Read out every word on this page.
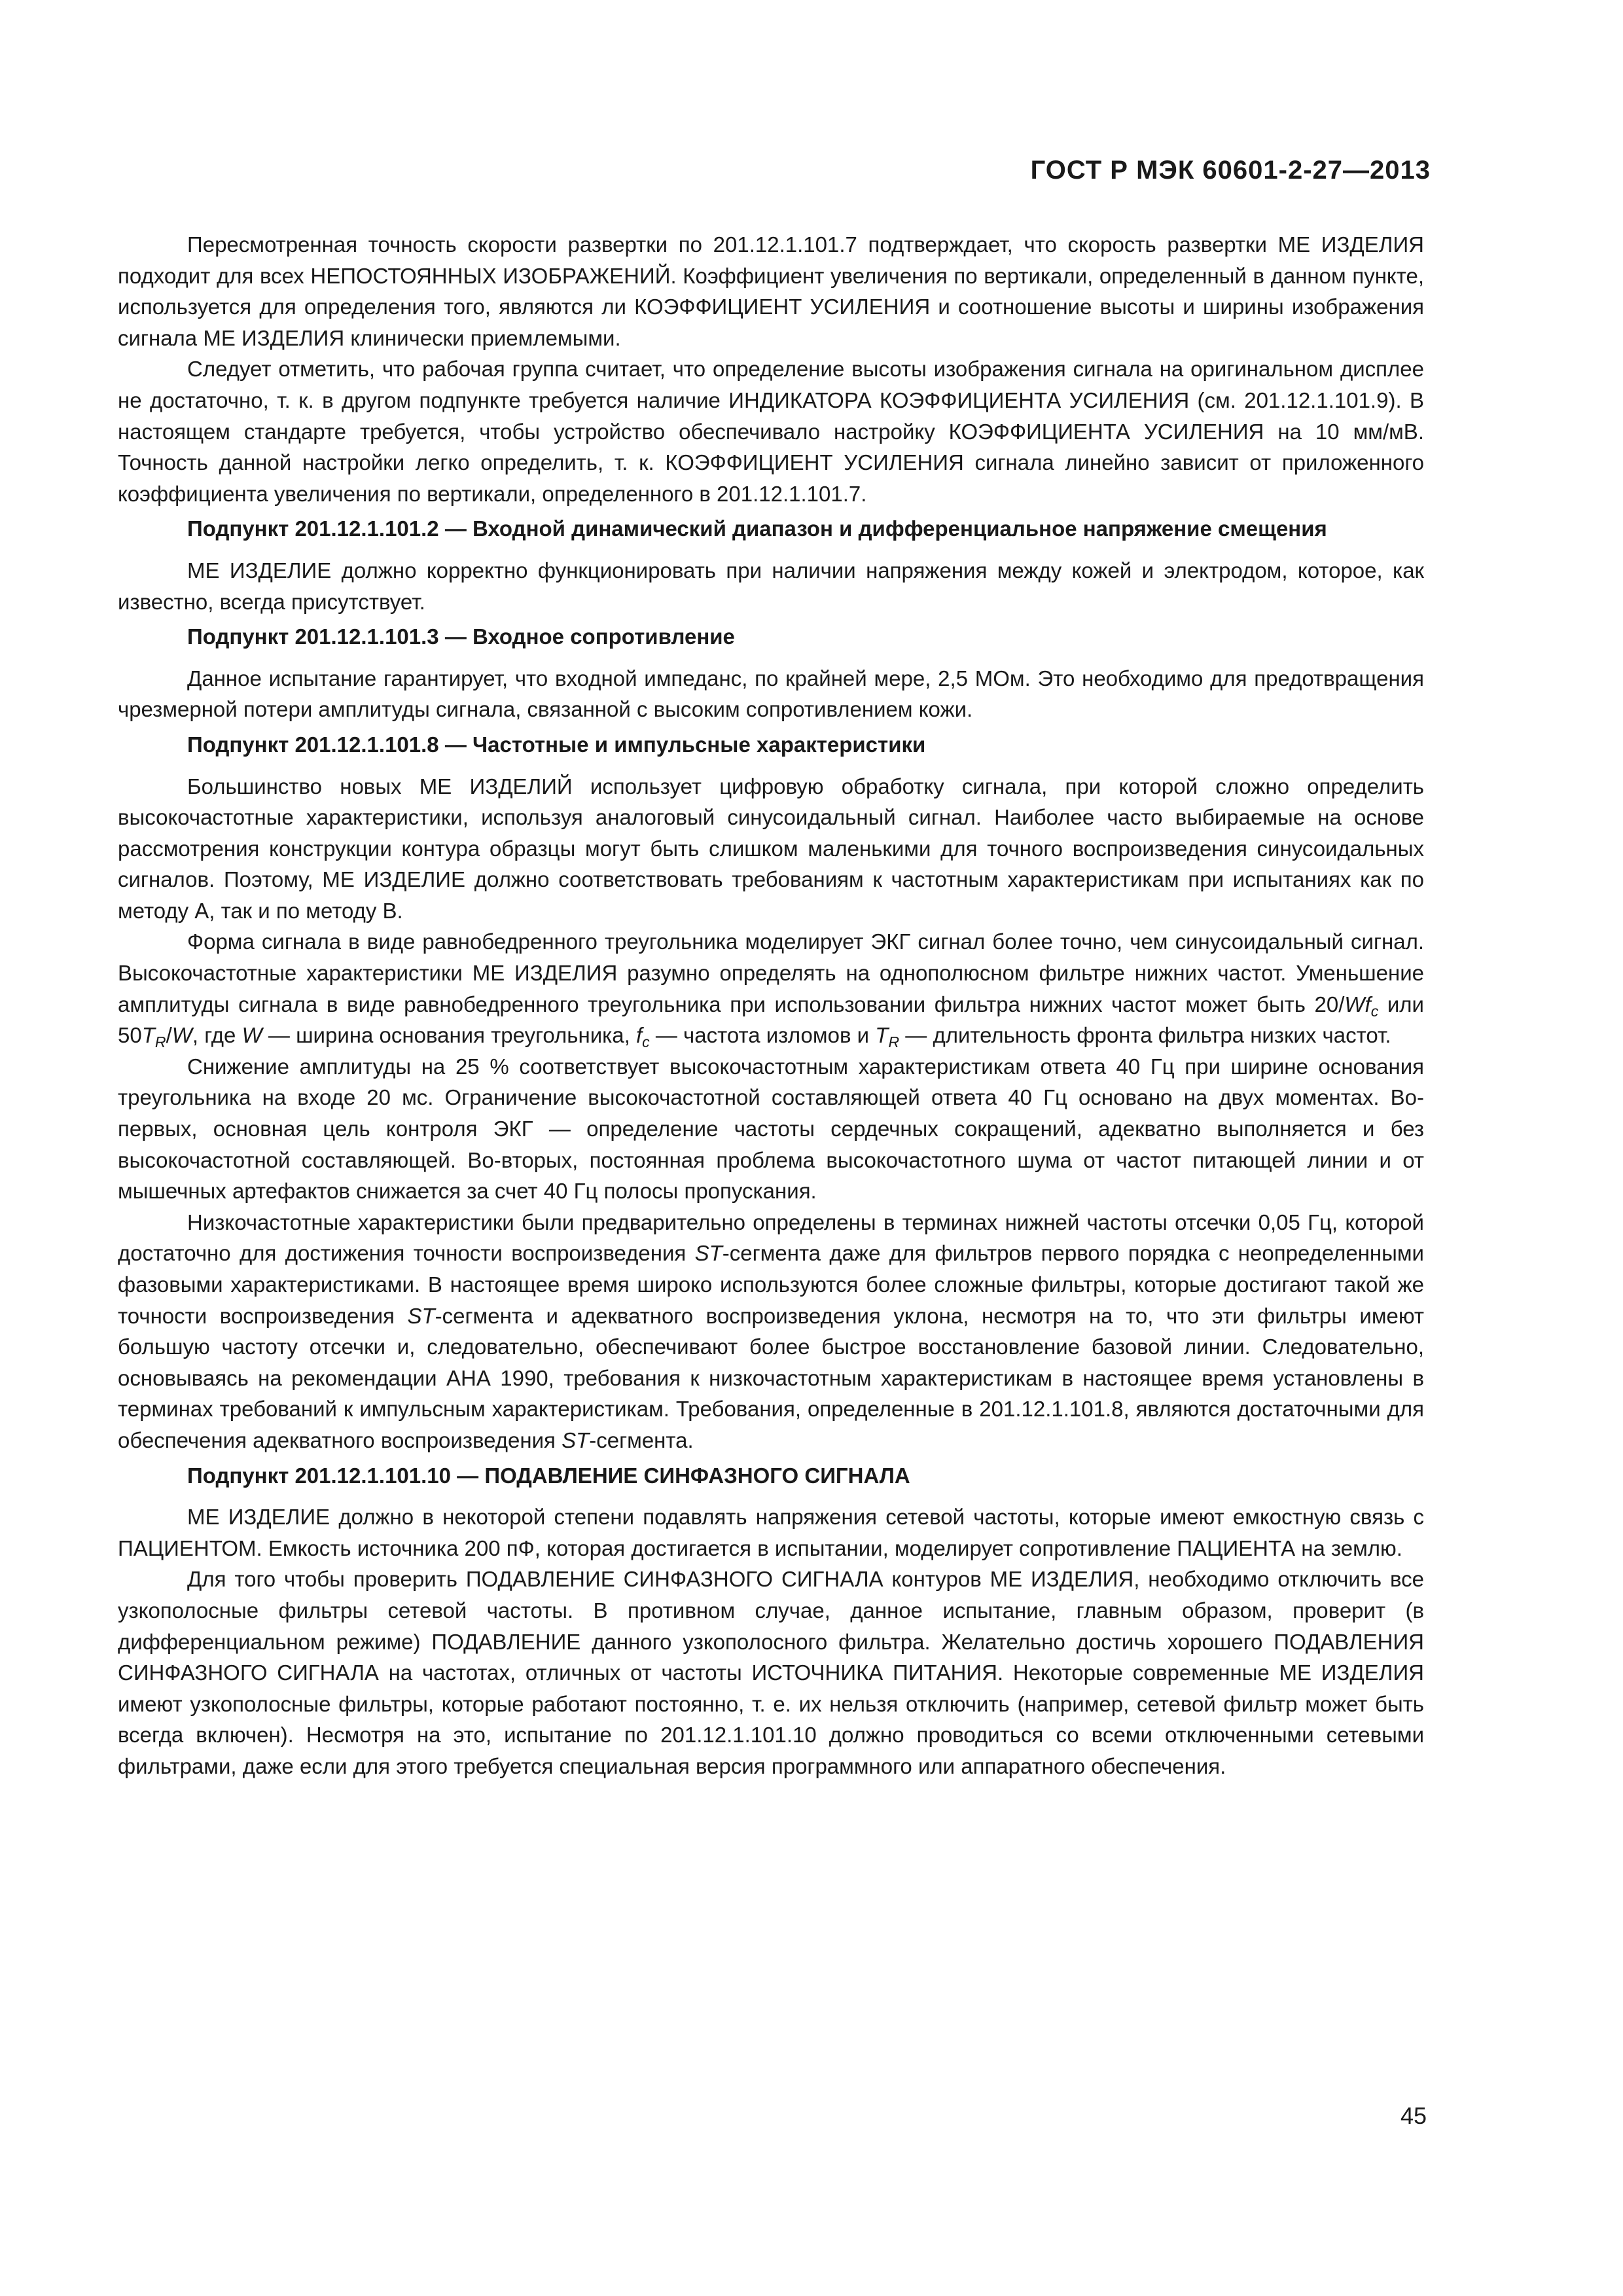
ГОСТ Р МЭК 60601-2-27—2013

Пересмотренная точность скорости развертки по 201.12.1.101.7 подтверждает, что скорость развертки МЕ ИЗДЕЛИЯ подходит для всех НЕПОСТОЯННЫХ ИЗОБРАЖЕНИЙ. Коэффициент увеличения по вертикали, определенный в данном пункте, используется для определения того, являются ли КОЭФФИЦИЕНТ УСИЛЕНИЯ и соотношение высоты и ширины изображения сигнала МЕ ИЗДЕЛИЯ клинически приемлемыми.

Следует отметить, что рабочая группа считает, что определение высоты изображения сигнала на оригинальном дисплее не достаточно, т. к. в другом подпункте требуется наличие ИНДИКАТОРА КОЭФФИЦИЕНТА УСИЛЕНИЯ (см. 201.12.1.101.9). В настоящем стандарте требуется, чтобы устройство обеспечивало настройку КОЭФФИЦИЕНТА УСИЛЕНИЯ на 10 мм/мВ. Точность данной настройки легко определить, т. к. КОЭФФИЦИЕНТ УСИЛЕНИЯ сигнала линейно зависит от приложенного коэффициента увеличения по вертикали, определенного в 201.12.1.101.7.

Подпункт 201.12.1.101.2 — Входной динамический диапазон и дифференциальное напряжение смещения

МЕ ИЗДЕЛИЕ должно корректно функционировать при наличии напряжения между кожей и электродом, которое, как известно, всегда присутствует.

Подпункт 201.12.1.101.3 — Входное сопротивление

Данное испытание гарантирует, что входной импеданс, по крайней мере, 2,5 МОм. Это необходимо для предотвращения чрезмерной потери амплитуды сигнала, связанной с высоким сопротивлением кожи.

Подпункт 201.12.1.101.8 — Частотные и импульсные характеристики

Большинство новых МЕ ИЗДЕЛИЙ использует цифровую обработку сигнала, при которой сложно определить высокочастотные характеристики, используя аналоговый синусоидальный сигнал. Наиболее часто выбираемые на основе рассмотрения конструкции контура образцы могут быть слишком маленькими для точного воспроизведения синусоидальных сигналов. Поэтому, МЕ ИЗДЕЛИЕ должно соответствовать требованиям к частотным характеристикам при испытаниях как по методу А, так и по методу В.

Форма сигнала в виде равнобедренного треугольника моделирует ЭКГ сигнал более точно, чем синусоидальный сигнал. Высокочастотные характеристики МЕ ИЗДЕЛИЯ разумно определять на однополюсном фильтре нижних частот. Уменьшение амплитуды сигнала в виде равнобедренного треугольника при использовании фильтра нижних частот может быть $20/Wf_c$ или $50T_R/W$, где W — ширина основания треугольника, $f_c$ — частота изломов и $T_R$ — длительность фронта фильтра низких частот.

Снижение амплитуды на 25 % соответствует высокочастотным характеристикам ответа 40 Гц при ширине основания треугольника на входе 20 мс. Ограничение высокочастотной составляющей ответа 40 Гц основано на двух моментах. Во-первых, основная цель контроля ЭКГ — определение частоты сердечных сокращений, адекватно выполняется и без высокочастотной составляющей. Во-вторых, постоянная проблема высокочастотного шума от частот питающей линии и от мышечных артефактов снижается за счет 40 Гц полосы пропускания.

Низкочастотные характеристики были предварительно определены в терминах нижней частоты отсечки 0,05 Гц, которой достаточно для достижения точности воспроизведения ST-сегмента даже для фильтров первого порядка с неопределенными фазовыми характеристиками. В настоящее время широко используются более сложные фильтры, которые достигают такой же точности воспроизведения ST-сегмента и адекватного воспроизведения уклона, несмотря на то, что эти фильтры имеют большую частоту отсечки и, следовательно, обеспечивают более быстрое восстановление базовой линии. Следовательно, основываясь на рекомендации АНА 1990, требования к низкочастотным характеристикам в настоящее время установлены в терминах требований к импульсным характеристикам. Требования, определенные в 201.12.1.101.8, являются достаточными для обеспечения адекватного воспроизведения ST-сегмента.

Подпункт 201.12.1.101.10 — ПОДАВЛЕНИЕ СИНФАЗНОГО СИГНАЛА

МЕ ИЗДЕЛИЕ должно в некоторой степени подавлять напряжения сетевой частоты, которые имеют емкостную связь с ПАЦИЕНТОМ. Емкость источника 200 пФ, которая достигается в испытании, моделирует сопротивление ПАЦИЕНТА на землю.

Для того чтобы проверить ПОДАВЛЕНИЕ СИНФАЗНОГО СИГНАЛА контуров МЕ ИЗДЕЛИЯ, необходимо отключить все узкополосные фильтры сетевой частоты. В противном случае, данное испытание, главным образом, проверит (в дифференциальном режиме) ПОДАВЛЕНИЕ данного узкополосного фильтра. Желательно достичь хорошего ПОДАВЛЕНИЯ СИНФАЗНОГО СИГНАЛА на частотах, отличных от частоты ИСТОЧНИКА ПИТАНИЯ. Некоторые современные МЕ ИЗДЕЛИЯ имеют узкополосные фильтры, которые работают постоянно, т. е. их нельзя отключить (например, сетевой фильтр может быть всегда включен). Несмотря на это, испытание по 201.12.1.101.10 должно проводиться со всеми отключенными сетевыми фильтрами, даже если для этого требуется специальная версия программного или аппаратного обеспечения.

45
